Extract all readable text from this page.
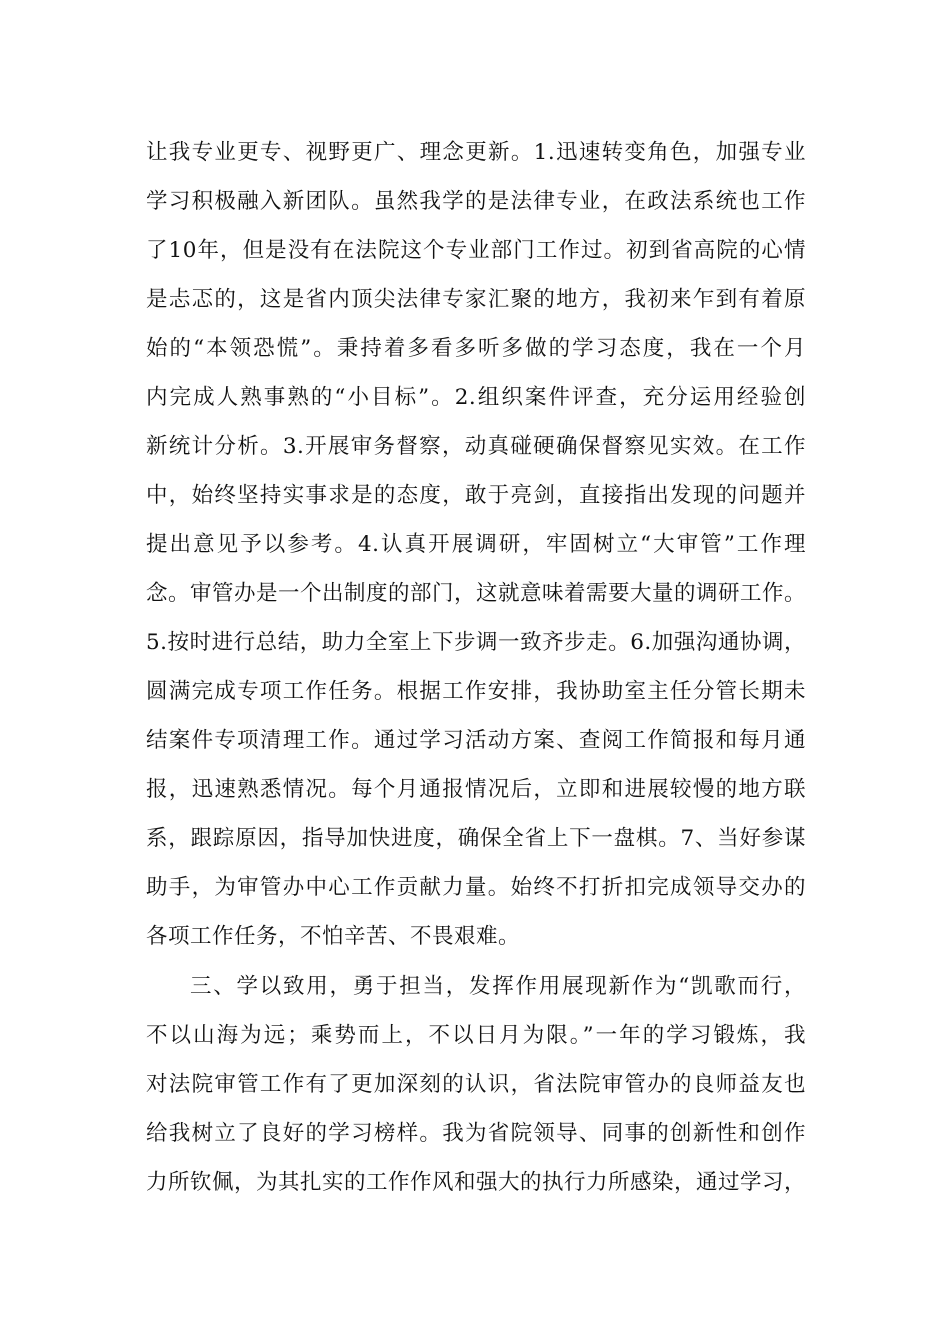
让我专业更专、视野更广、理念更新。1.迅速转变角色，加强专业
学习积极融入新团队。虽然我学的是法律专业，在政法系统也工作
了10年，但是没有在法院这个专业部门工作过。初到省高院的心情
是忐忑的，这是省内顶尖法律专家汇聚的地方，我初来乍到有着原
始的“本领恐慌”。秉持着多看多听多做的学习态度，我在一个月
内完成人熟事熟的“小目标”。2.组织案件评查，充分运用经验创
新统计分析。3.开展审务督察，动真碰硬确保督察见实效。在工作
中，始终坚持实事求是的态度，敢于亮剑，直接指出发现的问题并
提出意见予以参考。4.认真开展调研，牢固树立“大审管”工作理
念。审管办是一个出制度的部门，这就意味着需要大量的调研工作。
5.按时进行总结，助力全室上下步调一致齐步走。6.加强沟通协调，
圆满完成专项工作任务。根据工作安排，我协助室主任分管长期未
结案件专项清理工作。通过学习活动方案、查阅工作简报和每月通
报，迅速熟悉情况。每个月通报情况后，立即和进展较慢的地方联
系，跟踪原因，指导加快进度，确保全省上下一盘棋。7、当好参谋
助手，为审管办中心工作贡献力量。始终不打折扣完成领导交办的
各项工作任务，不怕辛苦、不畏艰难。
三、学以致用，勇于担当，发挥作用展现新作为“凯歌而行，
不以山海为远；乘势而上，不以日月为限。”一年的学习锻炼，我
对法院审管工作有了更加深刻的认识，省法院审管办的良师益友也
给我树立了良好的学习榜样。我为省院领导、同事的创新性和创作
力所钦佩，为其扎实的工作作风和强大的执行力所感染，通过学习，
